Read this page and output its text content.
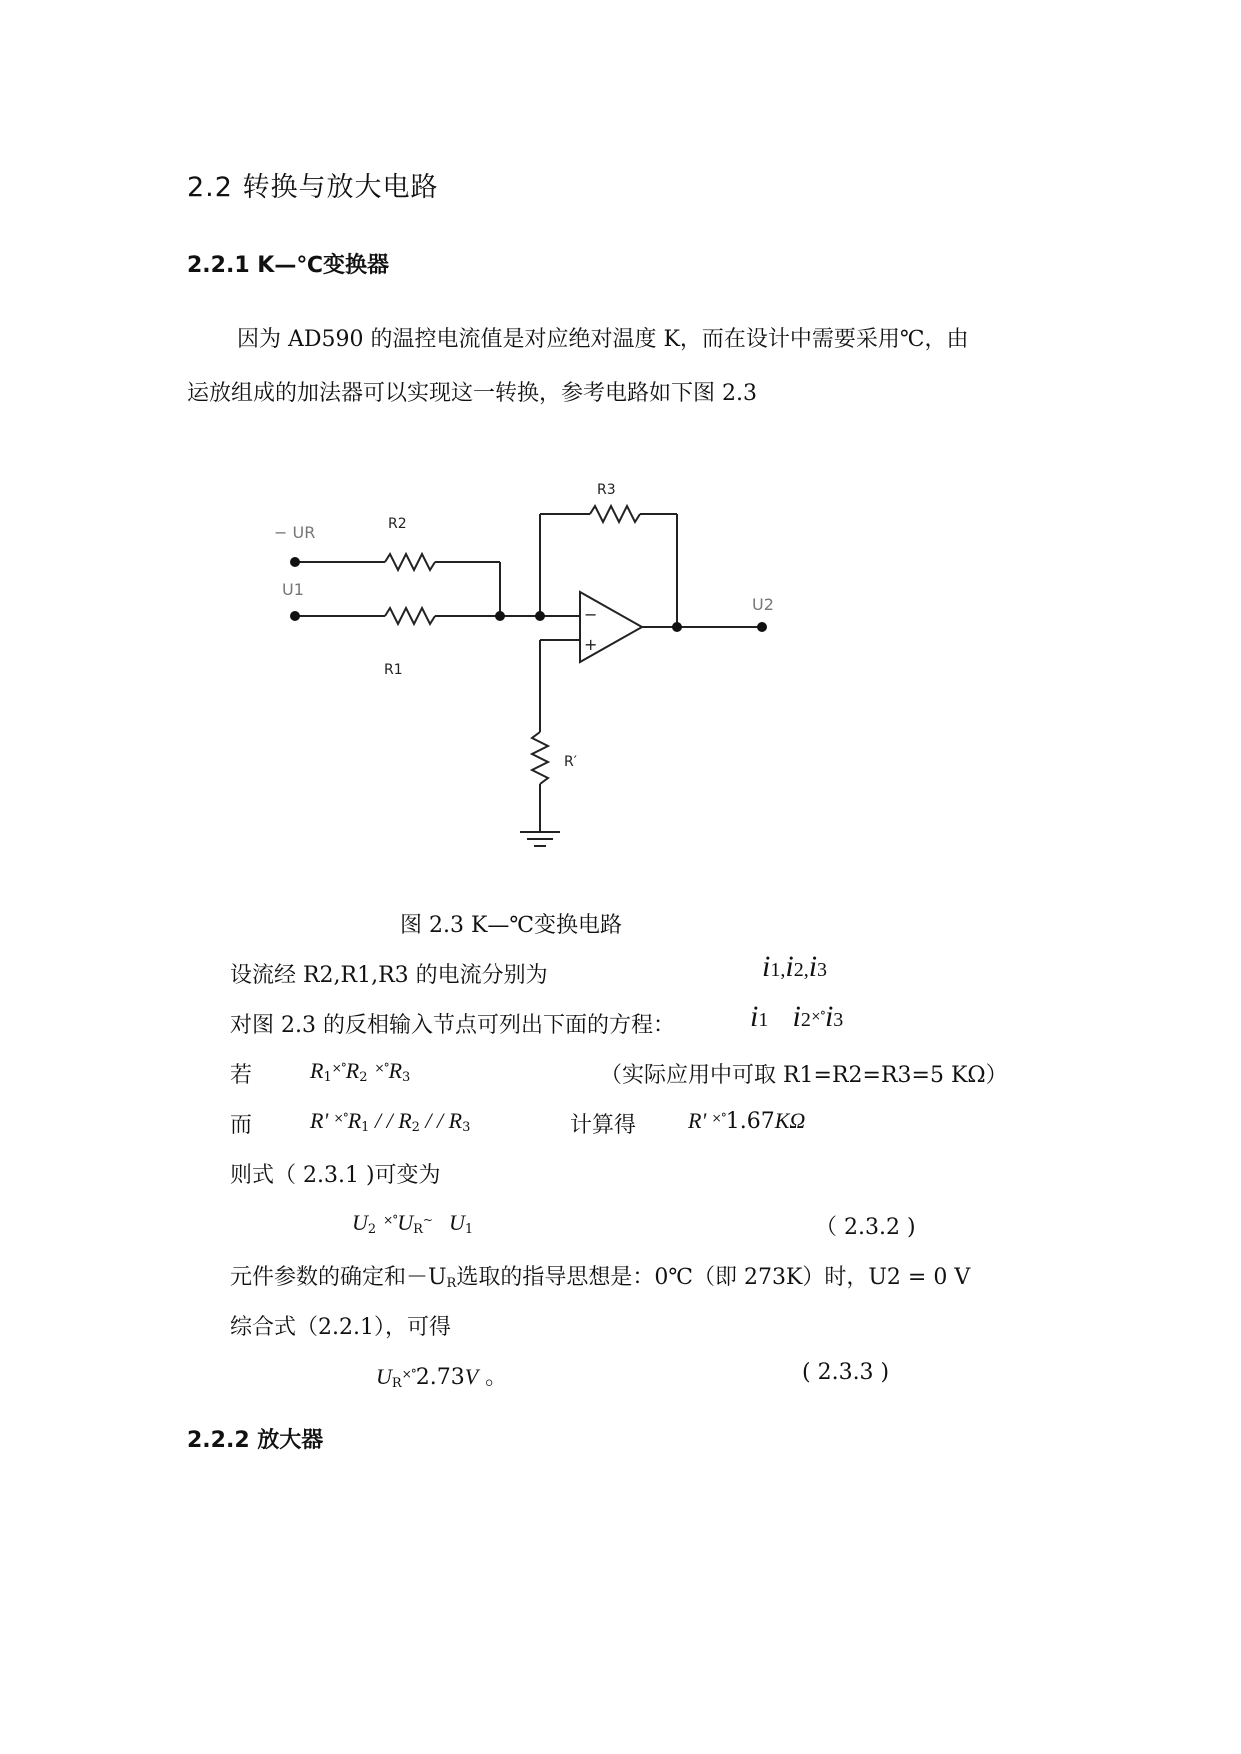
2.2 转换与放大电路
2.2.1 K—℃变换器
因为 AD590 的温控电流值是对应绝对温度 K，而在设计中需要采用℃，由
运放组成的加法器可以实现这一转换，参考电路如下图 2.3
− UR
U1
U2
R2
R1
R3
R′
−
+
图 2.3 K—℃变换电路
设流经 R2,R1,R3 的电流分别为	i1,i2,i3
对图 2.3 的反相输入节点可列出下面的方程：	i1 i2×°i3
若	$R_1^{\times^\circ}R_2$ $^{\times^\circ}R_3$	（实际应用中可取 R1=R2=R3=5 KΩ）
而	R' $^{\times^\circ}R_1$ / / $R_2$ / / $R_3$	计算得 R' ×°1.67KΩ
则式（ 2.3.1 )可变为
$U_2$ $^{\times^\circ}U_R^\sim$ $U_1$	（ 2.3.2 )
元件参数的确定和$-U_R$选取的指导思想是：0℃（即 273K）时，U2 = 0 V
综合式（2.2.1），可得
$U_R^{\times^\circ}2.73V$ 。	( 2.3.3 )
2.2.2 放大器
